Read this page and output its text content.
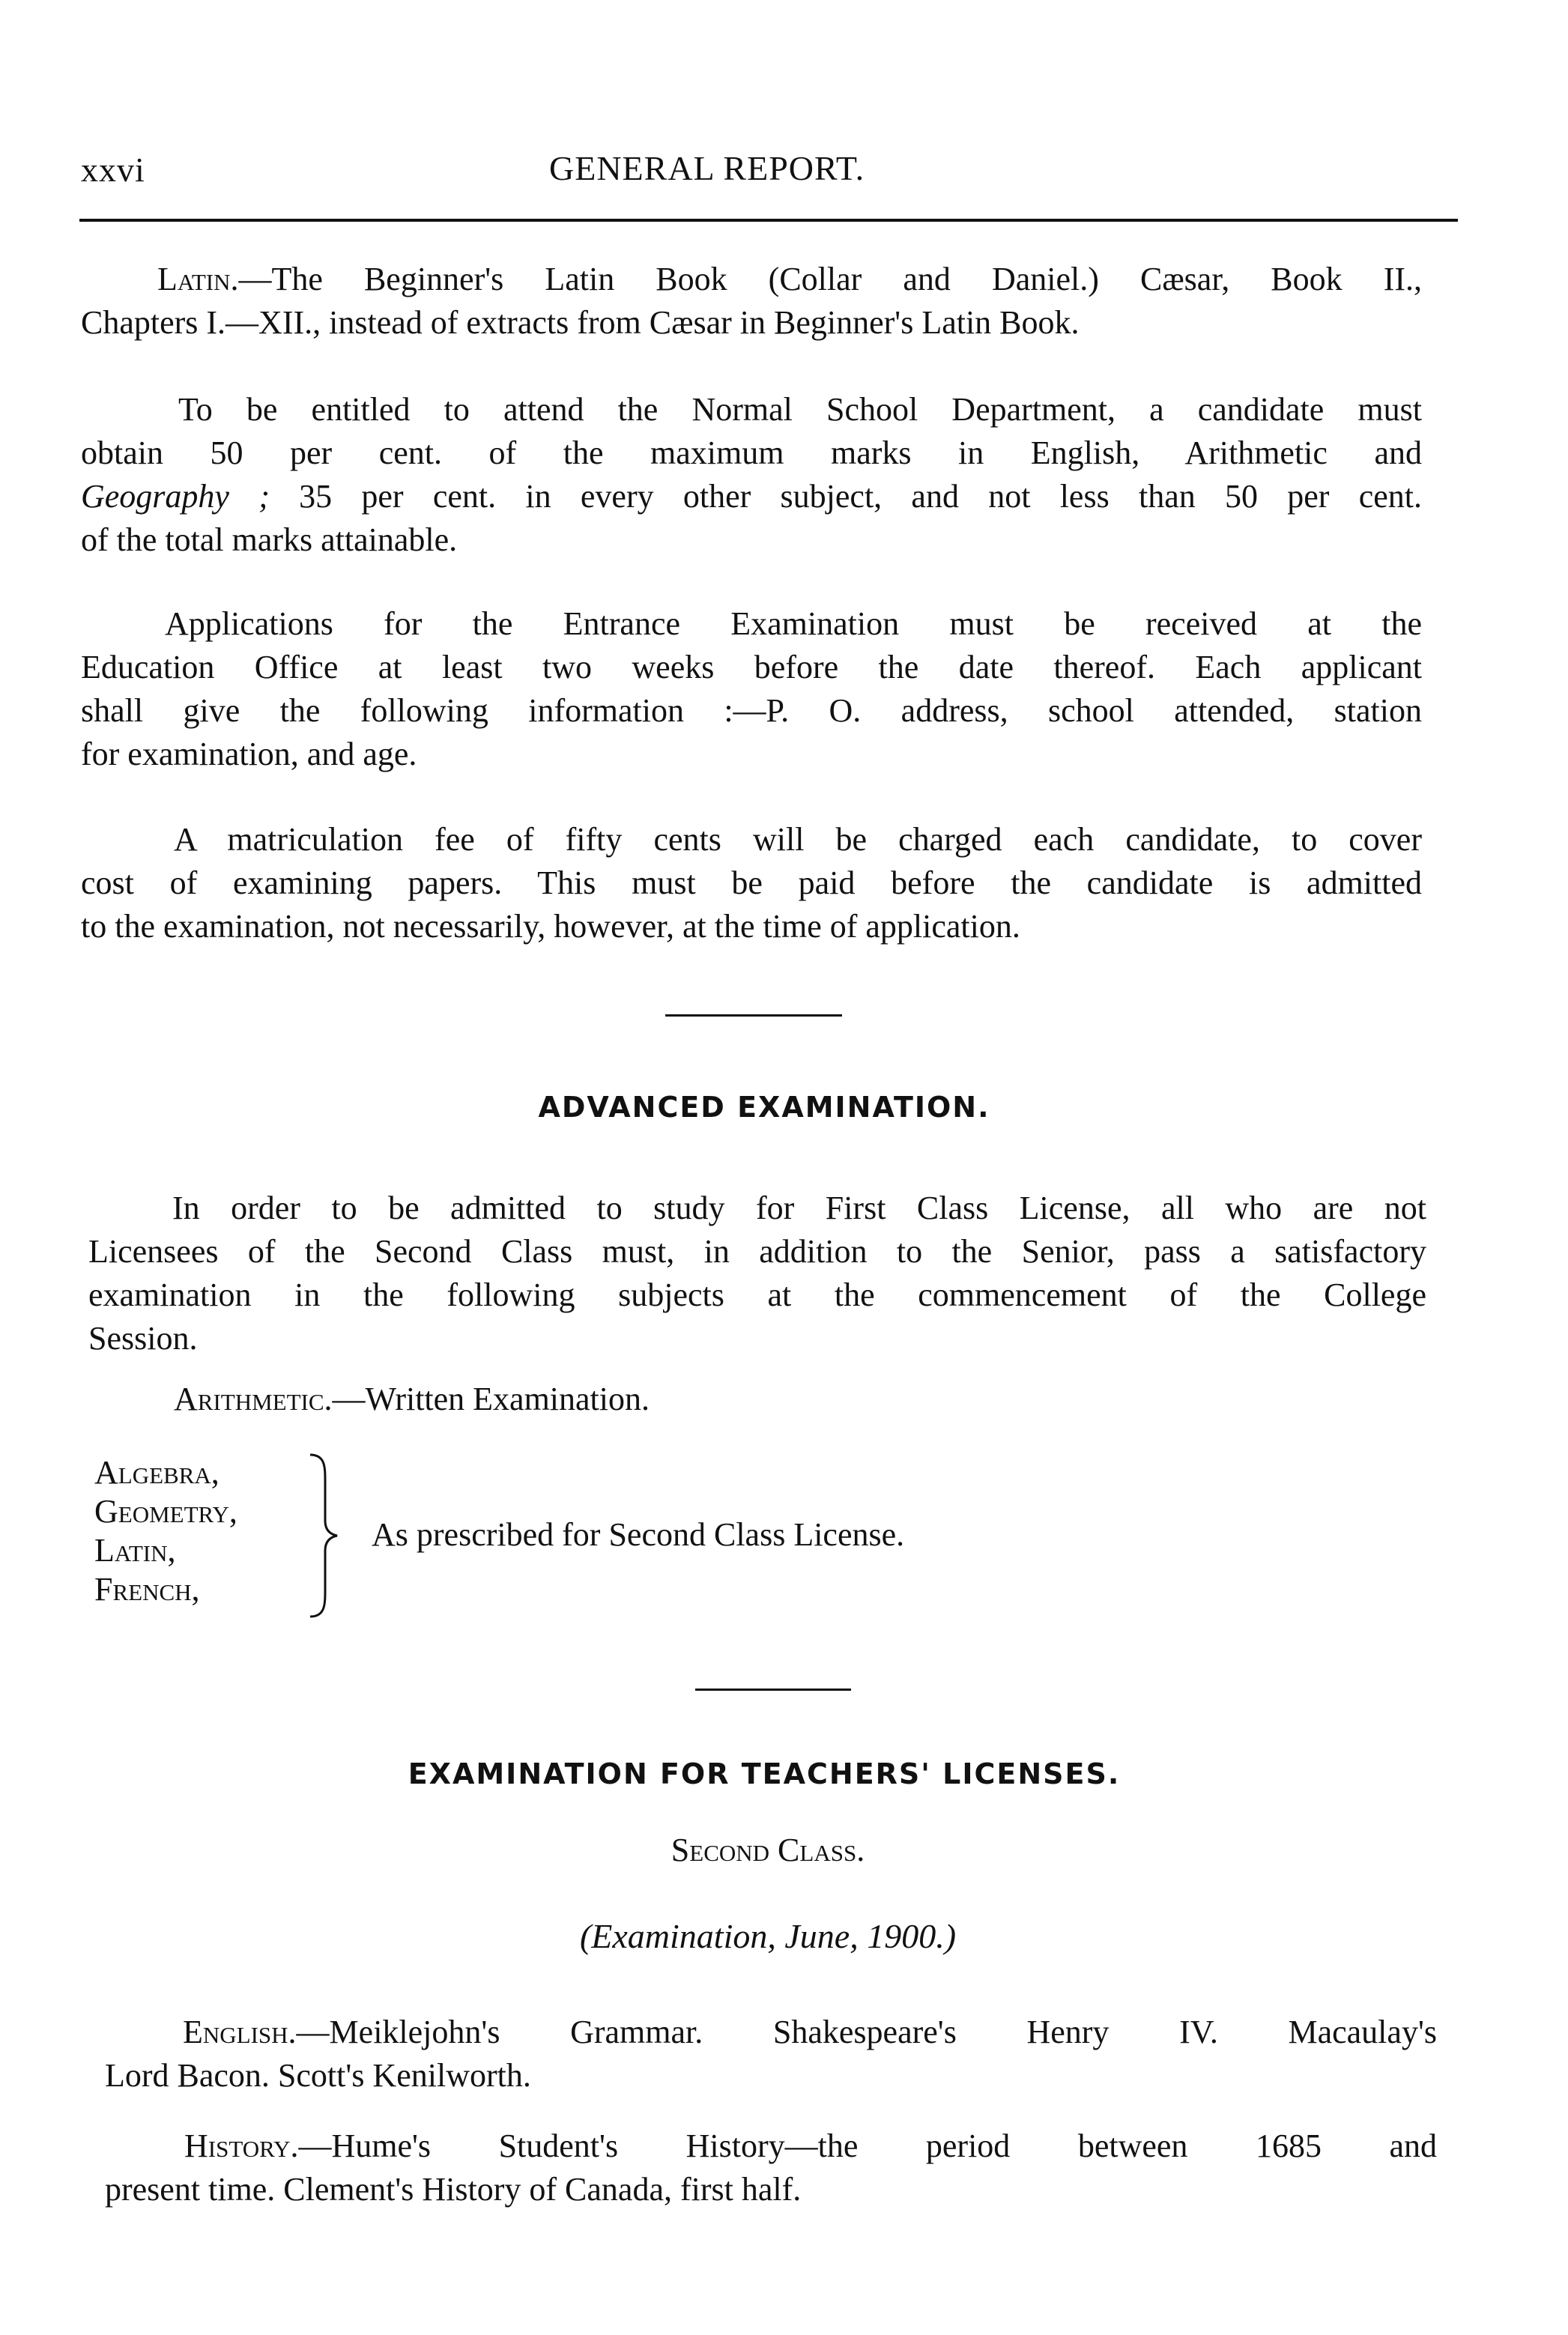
xxvi	GENERAL REPORT.
Latin.—The Beginner's Latin Book (Collar and Daniel.) Cæsar, Book II.,
Chapters I.—XII., instead of extracts from Cæsar in Beginner's Latin Book.
To be entitled to attend the Normal School Department, a candidate must
obtain 50 per cent. of the maximum marks in English, Arithmetic and
Geography ; 35 per cent. in every other subject, and not less than 50 per cent.
of the total marks attainable.
Applications for the Entrance Examination must be received at the
Education Office at least two weeks before the date thereof. Each applicant
shall give the following information :—P. O. address, school attended, station
for examination, and age.
A matriculation fee of fifty cents will be charged each candidate, to cover
cost of examining papers. This must be paid before the candidate is admitted
to the examination, not necessarily, however, at the time of application.
ADVANCED EXAMINATION.
In order to be admitted to study for First Class License, all who are not
Licensees of the Second Class must, in addition to the Senior, pass a satisfactory
examination in the following subjects at the commencement of the College
Session.
Arithmetic.—Written Examination.
Algebra,
Geometry,
Latin,
French,
As prescribed for Second Class License.
EXAMINATION FOR TEACHERS' LICENSES.
Second Class.
(Examination, June, 1900.)
English.—Meiklejohn's Grammar. Shakespeare's Henry IV. Macaulay's
Lord Bacon. Scott's Kenilworth.
History.—Hume's Student's History—the period between 1685 and
present time. Clement's History of Canada, first half.
